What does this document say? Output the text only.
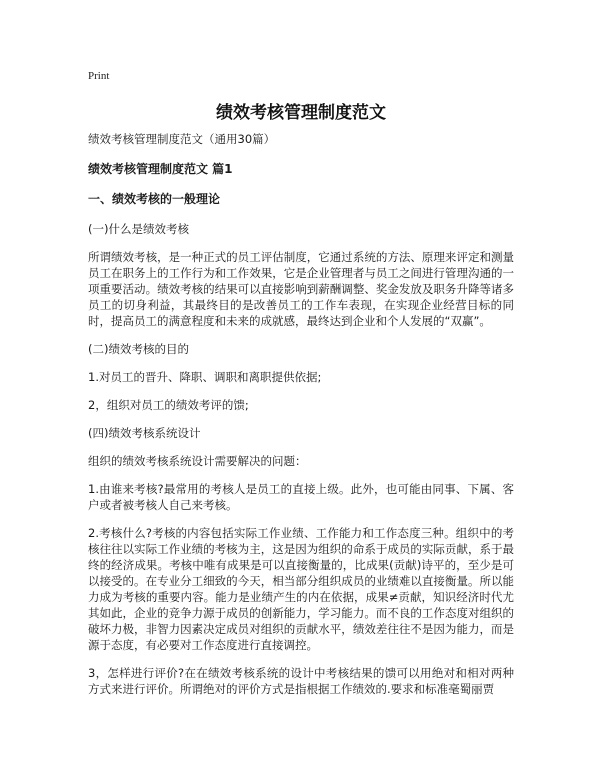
Print
绩效考核管理制度范文

绩效考核管理制度范文（通用30篇）

绩效考核管理制度范文 篇1

一、绩效考核的一般理论

(一)什么是绩效考核

所谓绩效考核，是一种正式的员工评估制度，它通过系统的方法、原理来评定和测量员工在职务上的工作行为和工作效果，它是企业管理者与员工之间进行管理沟通的一项重要活动。绩效考核的结果可以直接影响到薪酬调整、奖金发放及职务升降等诸多员工的切身利益，其最终目的是改善员工的工作车表现，在实现企业经营目标的同时，提高员工的满意程度和未来的成就感，最终达到企业和个人发展的“双赢”。

(二)绩效考核的目的

1.对员工的晋升、降职、调职和离职提供依据;

2，组织对员工的绩效考评的馈;

(四)绩效考核系统设计

组织的绩效考核系统设计需要解决的问题：

1.由谁来考核?最常用的考核人是员工的直接上级。此外，也可能由同事、下属、客户或者被考核人自己来考核。

2.考核什么?考核的内容包括实际工作业绩、工作能力和工作态度三种。组织中的考核往往以实际工作业绩的考核为主，这是因为组织的命系于成员的实际贡献，系于最终的经济成果。考核中唯有成果是可以直接衡量的，比成果(贡献)诗平的，至少是可以接受的。在专业分工细致的今天，相当部分组织成员的业绩难以直接衡量。所以能力成为考核的重要内容。能力是业绩产生的内在依据，成果≠贡献，知识经济时代尤其如此，企业的竞争力源于成员的创新能力，学习能力。而不良的工作态度对组织的破坏力极，非智力因素决定成员对组织的贡献水平，绩效差往往不是因为能力，而是源于态度，有必要对工作态度进行直接调控。

3，怎样进行评价?在在绩效考核系统的设计中考核结果的馈可以用绝对和相对两种方式来进行评价。所谓绝对的评价方式是指根据工作绩效的.要求和标准毫蜀丽贾
